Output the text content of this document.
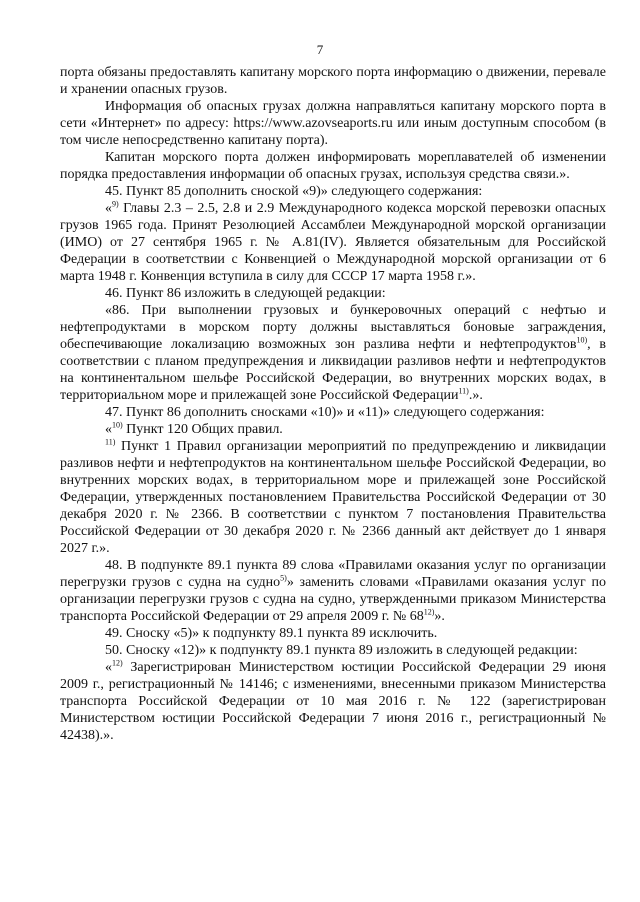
7

порта обязаны предоставлять капитану морского порта информацию о движении, перевале и хранении опасных грузов.

Информация об опасных грузах должна направляться капитану морского порта в сети «Интернет» по адресу: https://www.azovseaports.ru или иным доступным способом (в том числе непосредственно капитану порта).

Капитан морского порта должен информировать мореплавателей об изменении порядка предоставления информации об опасных грузах, используя средства связи.».

45. Пункт 85 дополнить сноской «9)» следующего содержания:

«$^{9)}$ Главы 2.3 – 2.5, 2.8 и 2.9 Международного кодекса морской перевозки опасных грузов 1965 года. Принят Резолюцией Ассамблеи Международной морской организации (ИМО) от 27 сентября 1965 г. № А.81(IV). Является обязательным для Российской Федерации в соответствии с Конвенцией о Международной морской организации от 6 марта 1948 г. Конвенция вступила в силу для СССР 17 марта 1958 г.».

46. Пункт 86 изложить в следующей редакции:

«86. При выполнении грузовых и бункеровочных операций с нефтью и нефтепродуктами в морском порту должны выставляться боновые заграждения, обеспечивающие локализацию возможных зон разлива нефти и нефтепродуктов$^{10)}$, в соответствии с планом предупреждения и ликвидации разливов нефти и нефтепродуктов на континентальном шельфе Российской Федерации, во внутренних морских водах, в территориальном море и прилежащей зоне Российской Федерации$^{11)}$.».

47. Пункт 86 дополнить сносками «10)» и «11)» следующего содержания:

«$^{10)}$ Пункт 120 Общих правил.

$^{11)}$ Пункт 1 Правил организации мероприятий по предупреждению и ликвидации разливов нефти и нефтепродуктов на континентальном шельфе Российской Федерации, во внутренних морских водах, в территориальном море и прилежащей зоне Российской Федерации, утвержденных постановлением Правительства Российской Федерации от 30 декабря 2020 г. № 2366. В соответствии с пунктом 7 постановления Правительства Российской Федерации от 30 декабря 2020 г. № 2366 данный акт действует до 1 января 2027 г.».

48. В подпункте 89.1 пункта 89 слова «Правилами оказания услуг по организации перегрузки грузов с судна на судно$^{5)}$» заменить словами «Правилами оказания услуг по организации перегрузки грузов с судна на судно, утвержденными приказом Министерства транспорта Российской Федерации от 29 апреля 2009 г. № 68$^{12)}$».

49. Сноску «5)» к подпункту 89.1 пункта 89 исключить.

50. Сноску «12)» к подпункту 89.1 пункта 89 изложить в следующей редакции:

«$^{12)}$ Зарегистрирован Министерством юстиции Российской Федерации 29 июня 2009 г., регистрационный № 14146; с изменениями, внесенными приказом Министерства транспорта Российской Федерации от 10 мая 2016 г. № 122 (зарегистрирован Министерством юстиции Российской Федерации 7 июня 2016 г., регистрационный № 42438).».
